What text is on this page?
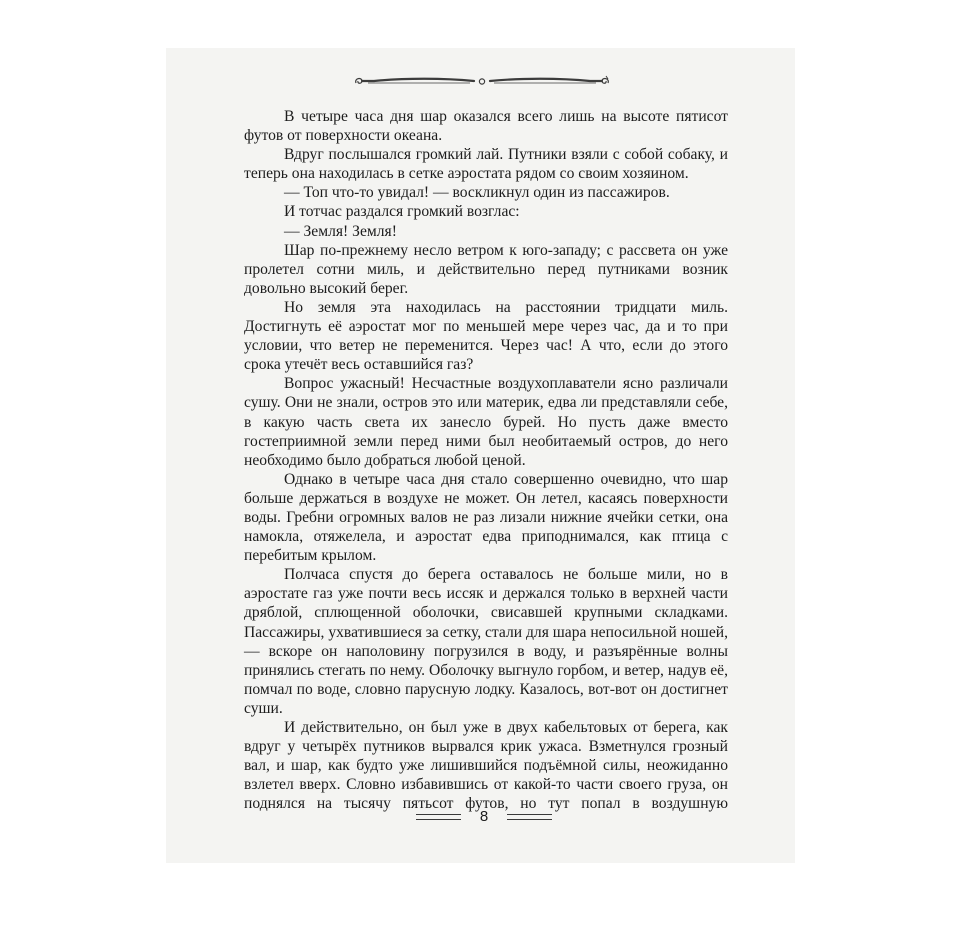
В четыре часа дня шар оказался всего лишь на высоте пятисот футов от поверхности океана.

Вдруг послышался громкий лай. Путники взяли с собой собаку, и теперь она находилась в сетке аэростата рядом со своим хозяином.

— Топ что-то увидал! — воскликнул один из пассажиров.

И тотчас раздался громкий возглас:

— Земля! Земля!

Шар по-прежнему несло ветром к юго-западу; с рассвета он уже пролетел сотни миль, и действительно перед путниками возник довольно высокий берег.

Но земля эта находилась на расстоянии тридцати миль. Достигнуть её аэростат мог по меньшей мере через час, да и то при условии, что ветер не переменится. Через час! А что, если до этого срока утечёт весь оставшийся газ?

Вопрос ужасный! Несчастные воздухоплаватели ясно различали сушу. Они не знали, остров это или материк, едва ли представляли себе, в какую часть света их занесло бурей. Но пусть даже вместо гостеприимной земли перед ними был необитаемый остров, до него необходимо было добраться любой ценой.

Однако в четыре часа дня стало совершенно очевидно, что шар больше держаться в воздухе не может. Он летел, касаясь поверхности воды. Гребни огромных валов не раз лизали нижние ячейки сетки, она намокла, отяжелела, и аэростат едва приподнимался, как птица с перебитым крылом.

Полчаса спустя до берега оставалось не больше мили, но в аэростате газ уже почти весь иссяк и держался только в верхней части дряблой, сплющенной оболочки, свисавшей крупными складками. Пассажиры, ухватившиеся за сетку, стали для шара непосильной ношей, — вскоре он наполовину погрузился в воду, и разъярённые волны принялись стегать по нему. Оболочку выгнуло горбом, и ветер, надув её, помчал по воде, словно парусную лодку. Казалось, вот-вот он достигнет суши.

И действительно, он был уже в двух кабельтовых от берега, как вдруг у четырёх путников вырвался крик ужаса. Взметнулся грозный вал, и шар, как будто уже лишившийся подъёмной силы, неожиданно взлетел вверх. Словно избавившись от какой-то части своего груза, он поднялся на тысячу пятьсот футов, но тут попал в воздушную

8
